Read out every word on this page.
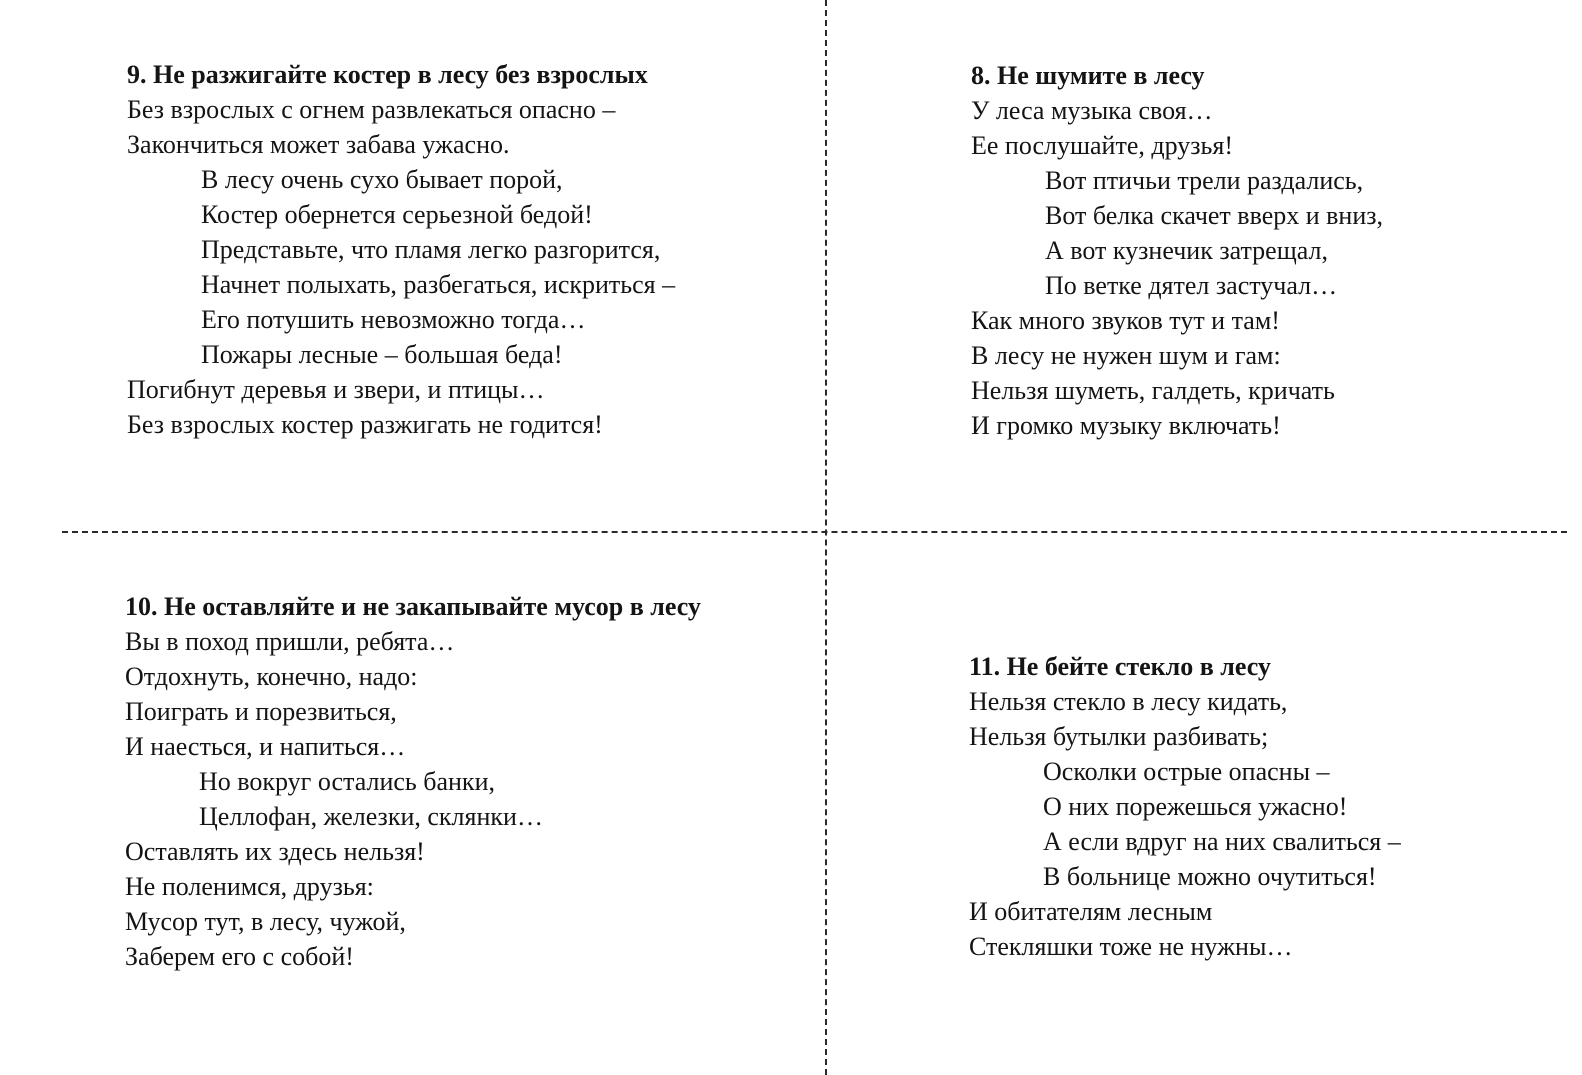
9. Не разжигайте костер в лесу без взрослых

Без взрослых с огнем развлекаться опасно –

Закончиться может забава ужасно.

В лесу очень сухо бывает порой,

Костер обернется серьезной бедой!

Представьте, что пламя легко разгорится,

Начнет полыхать, разбегаться, искриться –

Его потушить невозможно тогда…

Пожары лесные – большая беда!

Погибнут деревья и звери, и птицы…

Без взрослых костер разжигать не годится!

8. Не шумите в лесу

У леса музыка своя…

Ее послушайте, друзья!

Вот птичьи трели раздались,

Вот белка скачет вверх и вниз,

А вот кузнечик затрещал,

По ветке дятел застучал…

Как много звуков тут и там!

В лесу не нужен шум и гам:

Нельзя шуметь, галдеть, кричать

И громко музыку включать!

10. Не оставляйте и не закапывайте мусор в лесу

Вы в поход пришли, ребята…

Отдохнуть, конечно, надо:

Поиграть и порезвиться,

И наесться, и напиться…

Но вокруг остались банки,

Целлофан, железки, склянки…

Оставлять их здесь нельзя!

Не поленимся, друзья:

Мусор тут, в лесу, чужой,

Заберем его с собой!

11. Не бейте стекло в лесу

Нельзя стекло в лесу кидать,

Нельзя бутылки разбивать;

Осколки острые опасны –

О них порежешься ужасно!

А если вдруг на них свалиться –

В больнице можно очутиться!

И обитателям лесным

Стекляшки тоже не нужны…
